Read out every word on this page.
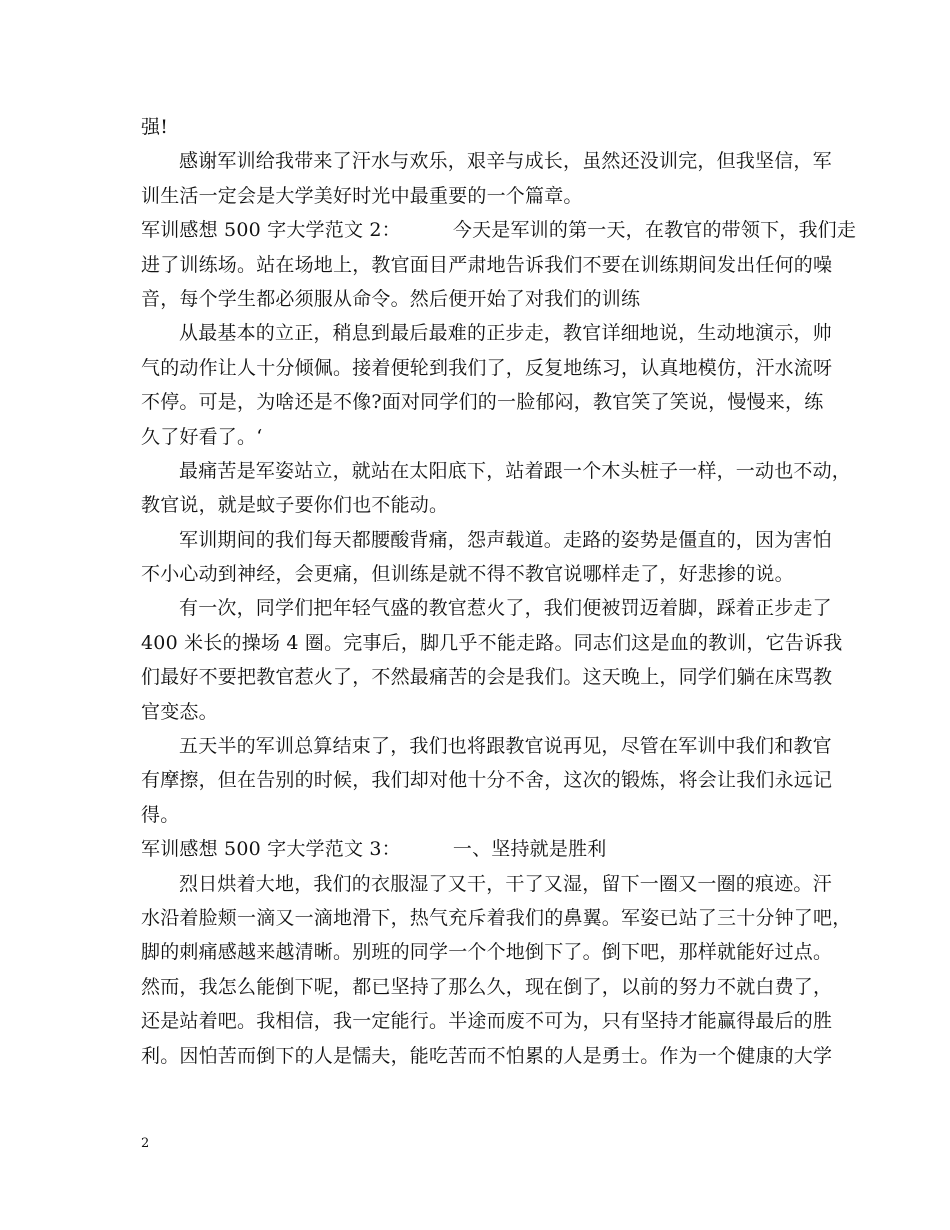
强!
感谢军训给我带来了汗水与欢乐，艰辛与成长，虽然还没训完，但我坚信，军
训生活一定会是大学美好时光中最重要的一个篇章。
军训感想 500 字大学范文 2：	今天是军训的第一天，在教官的带领下，我们走
进了训练场。站在场地上，教官面目严肃地告诉我们不要在训练期间发出任何的噪
音，每个学生都必须服从命令。然后便开始了对我们的训练
从最基本的立正，稍息到最后最难的正步走，教官详细地说，生动地演示，帅
气的动作让人十分倾佩。接着便轮到我们了，反复地练习，认真地模仿，汗水流呀
不停。可是，为啥还是不像?面对同学们的一脸郁闷，教官笑了笑说，慢慢来，练
久了好看了。‘
最痛苦是军姿站立，就站在太阳底下，站着跟一个木头桩子一样，一动也不动，
教官说，就是蚊子要你们也不能动。
军训期间的我们每天都腰酸背痛，怨声载道。走路的姿势是僵直的，因为害怕
不小心动到神经，会更痛，但训练是就不得不教官说哪样走了，好悲掺的说。
有一次，同学们把年轻气盛的教官惹火了，我们便被罚迈着脚，踩着正步走了
400 米长的操场 4 圈。完事后，脚几乎不能走路。同志们这是血的教训，它告诉我
们最好不要把教官惹火了，不然最痛苦的会是我们。这天晚上，同学们躺在床骂教
官变态。
五天半的军训总算结束了，我们也将跟教官说再见，尽管在军训中我们和教官
有摩擦，但在告别的时候，我们却对他十分不舍，这次的锻炼，将会让我们永远记
得。
军训感想 500 字大学范文 3：	一、坚持就是胜利
烈日烘着大地，我们的衣服湿了又干，干了又湿，留下一圈又一圈的痕迹。汗
水沿着脸颊一滴又一滴地滑下，热气充斥着我们的鼻翼。军姿已站了三十分钟了吧，
脚的刺痛感越来越清晰。别班的同学一个个地倒下了。倒下吧，那样就能好过点。
然而，我怎么能倒下呢，都已坚持了那么久，现在倒了，以前的努力不就白费了，
还是站着吧。我相信，我一定能行。半途而废不可为，只有坚持才能赢得最后的胜
利。因怕苦而倒下的人是懦夫，能吃苦而不怕累的人是勇士。作为一个健康的大学
2
